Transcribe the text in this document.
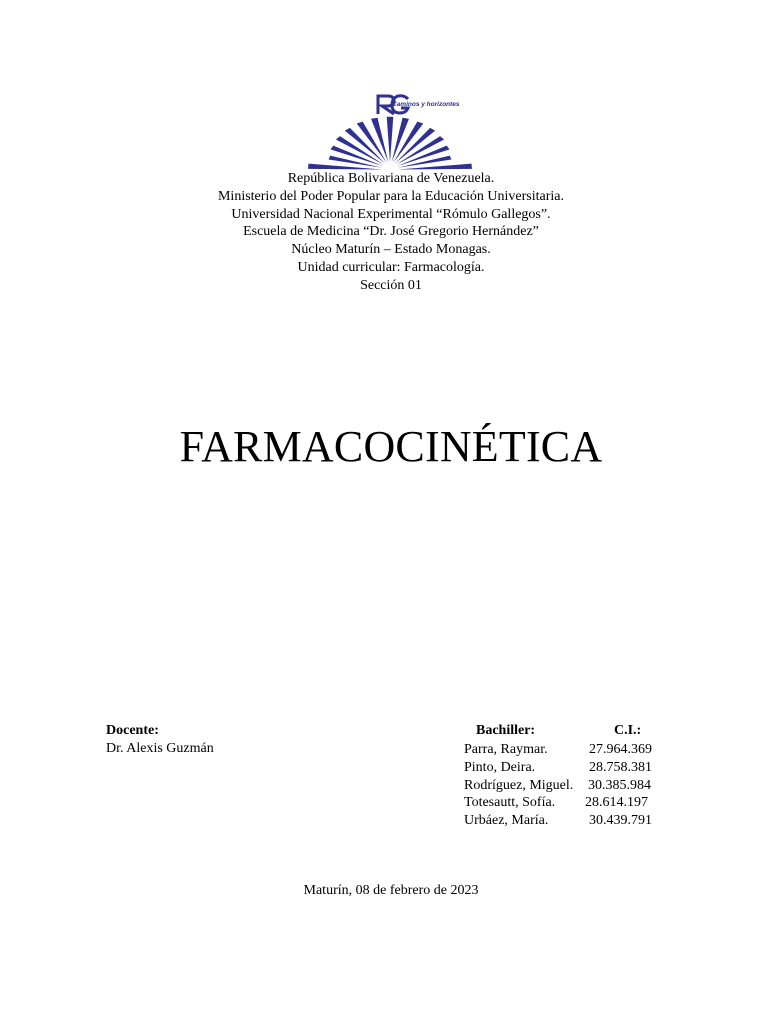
Caminos y horizontes
República Bolivariana de Venezuela.
Ministerio del Poder Popular para la Educación Universitaria.
Universidad Nacional Experimental “Rómulo Gallegos”.
Escuela de Medicina “Dr. José Gregorio Hernández”
Núcleo Maturín – Estado Monagas.
Unidad curricular: Farmacología.
Sección 01
FARMACOCINÉTICA
Docente:
Dr. Alexis Guzmán
Bachiller:	C.I.:
Parra, Raymar.	27.964.369
Pinto, Deira.	28.758.381
Rodríguez, Miguel. 30.385.984
Totesautt, Sofía. 28.614.197
Urbáez, María.	30.439.791
Maturín, 08 de febrero de 2023
